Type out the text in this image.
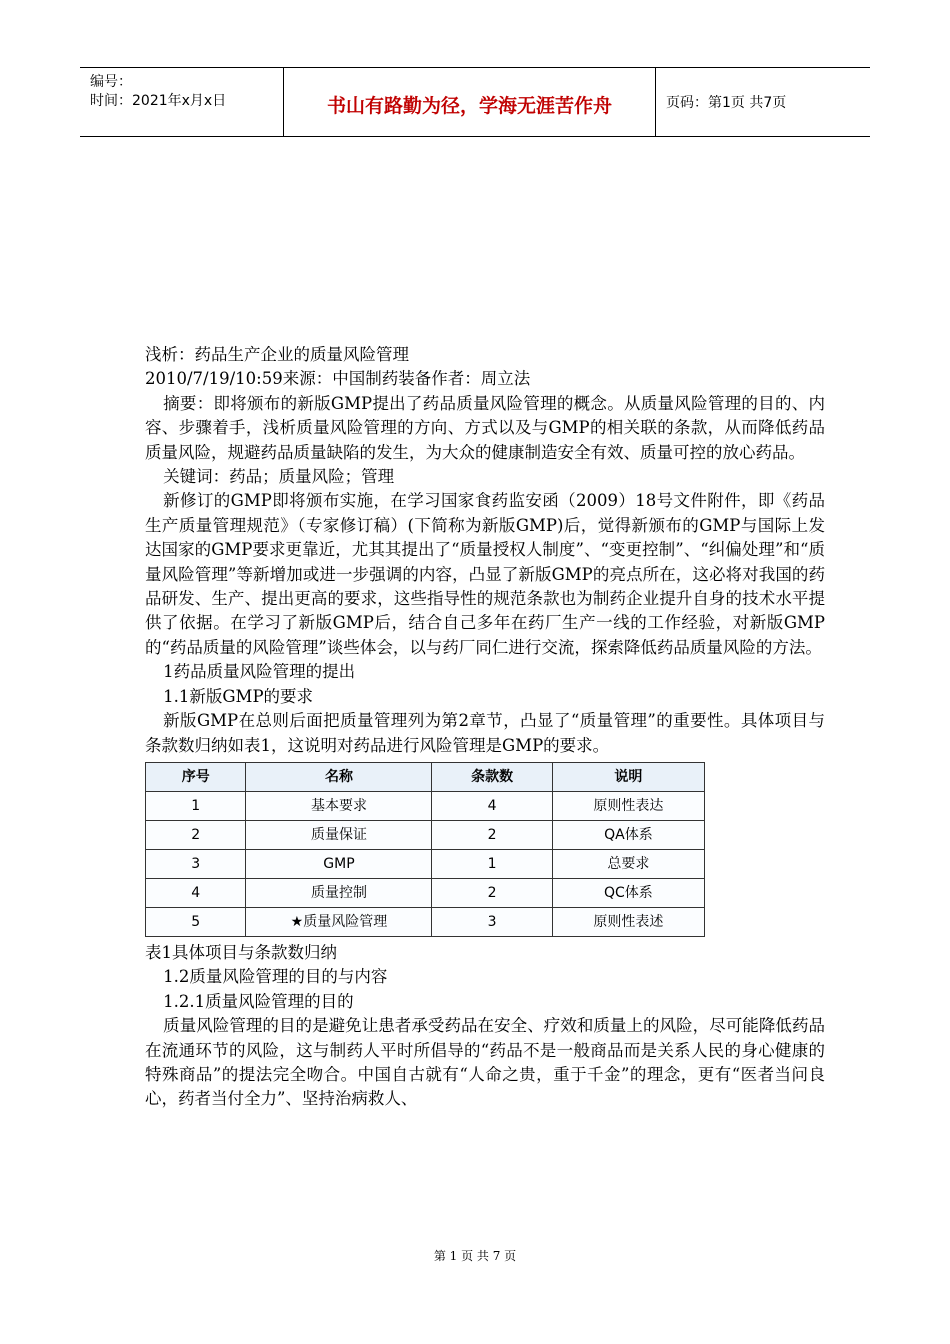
编号：
时间：2021年x月x日	书山有路勤为径，学海无涯苦作舟	页码：第1页 共7页

浅析：药品生产企业的质量风险管理

2010/7/19/10:59来源：中国制药装备作者：周立法

摘要：即将颁布的新版GMP提出了药品质量风险管理的概念。从质量风险管理的目的、内容、步骤着手，浅析质量风险管理的方向、方式以及与GMP的相关联的条款，从而降低药品质量风险，规避药品质量缺陷的发生，为大众的健康制造安全有效、质量可控的放心药品。

关键词：药品；质量风险；管理

新修订的GMP即将颁布实施，在学习国家食药监安函（2009）18号文件附件，即《药品生产质量管理规范》（专家修订稿）(下简称为新版GMP)后，觉得新颁布的GMP与国际上发达国家的GMP要求更靠近，尤其其提出了“质量授权人制度”、“变更控制”、“纠偏处理”和“质量风险管理”等新增加或进一步强调的内容，凸显了新版GMP的亮点所在，这必将对我国的药品研发、生产、提出更高的要求，这些指导性的规范条款也为制药企业提升自身的技术水平提供了依据。在学习了新版GMP后，结合自己多年在药厂生产一线的工作经验，对新版GMP的“药品质量的风险管理”谈些体会，以与药厂同仁进行交流，探索降低药品质量风险的方法。

1药品质量风险管理的提出

1.1新版GMP的要求

新版GMP在总则后面把质量管理列为第2章节，凸显了“质量管理”的重要性。具体项目与条款数归纳如表1，这说明对药品进行风险管理是GMP的要求。

序号	名称	条款数	说明
1	基本要求	4	原则性表达
2	质量保证	2	QA体系
3	GMP	1	总要求
4	质量控制	2	QC体系
5	★质量风险管理	3	原则性表述

表1具体项目与条款数归纳

1.2质量风险管理的目的与内容

1.2.1质量风险管理的目的

质量风险管理的目的是避免让患者承受药品在安全、疗效和质量上的风险，尽可能降低药品在流通环节的风险，这与制药人平时所倡导的“药品不是一般商品而是关系人民的身心健康的特殊商品”的提法完全吻合。中国自古就有“人命之贵，重于千金”的理念，更有“医者当问良心，药者当付全力”、坚持治病救人、

第 1 页 共 7 页
